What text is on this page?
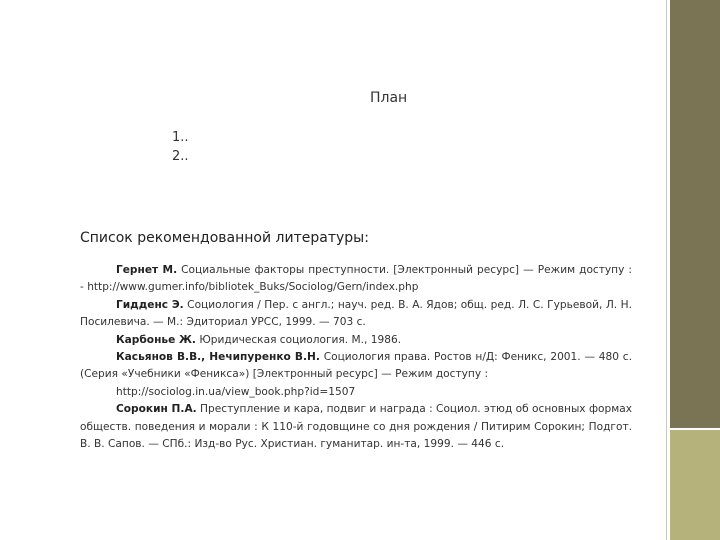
План
1..
2..
Список рекомендованной литературы:

Гернет М. Социальные факторы преступности. [Электронный ресурс] — Режим доступу : - http://www.gumer.info/bibliotek_Buks/Sociolog/Gern/index.php

Гидденс Э. Социология / Пер. с англ.; науч. ред. В. А. Ядов; общ. ред. Л. С. Гурьевой, Л. Н. Посилевича. — М.: Эдиториал УРСС, 1999. — 703 с.

Карбонье Ж. Юридическая социология. М., 1986.

Касьянов В.В., Нечипуренко В.Н. Социология права. Ростов н/Д: Феникс, 2001. — 480 с. (Серия «Учебники «Феникса») [Электронный ресурс] — Режим доступу :

http://sociolog.in.ua/view_book.php?id=1507

Сорокин П.А. Преступление и кара, подвиг и награда : Социол. этюд об основных формах обществ. поведения и морали : К 110-й годовщине со дня рождения / Питирим Сорокин; Подгот. В. В. Сапов. — СПб.: Изд-во Рус. Христиан. гуманитар. ин-та, 1999. — 446 с.
